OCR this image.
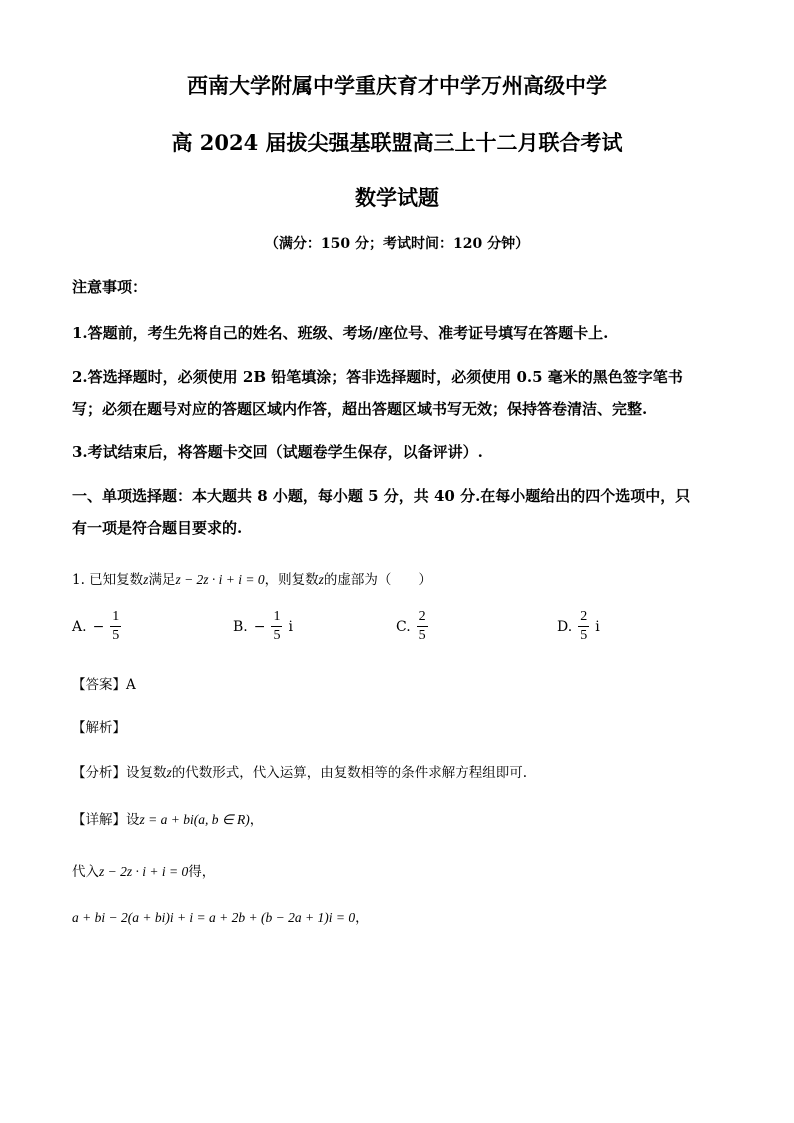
西南大学附属中学重庆育才中学万州高级中学
高 2024 届拔尖强基联盟高三上十二月联合考试
数学试题
（满分：150 分；考试时间：120 分钟）
注意事项：
1.答题前，考生先将自己的姓名、班级、考场/座位号、准考证号填写在答题卡上.
2.答选择题时，必须使用 2B 铅笔填涂；答非选择题时，必须使用 0.5 毫米的黑色签字笔书
写；必须在题号对应的答题区域内作答，超出答题区域书写无效；保持答卷清洁、完整.
3.考试结束后，将答题卡交回（试题卷学生保存，以备评讲）.
一、单项选择题：本大题共 8 小题，每小题 5 分，共 40 分.在每小题给出的四个选项中，只
有一项是符合题目要求的.
1. 已知复数z满足z − 2z · i + i = 0，则复数z的虚部为（　　）
A. − $\frac{1}{5}$	B. − $\frac{1}{5}$ i	C. $\frac{2}{5}$	D. $\frac{2}{5}$ i
【答案】A
【解析】
【分析】设复数z的代数形式，代入运算，由复数相等的条件求解方程组即可.
【详解】设z = a + bi(a, b ∈ R)，
代入z − 2z · i + i = 0得，
a + bi − 2(a + bi)i + i = a + 2b + (b − 2a + 1)i = 0，
